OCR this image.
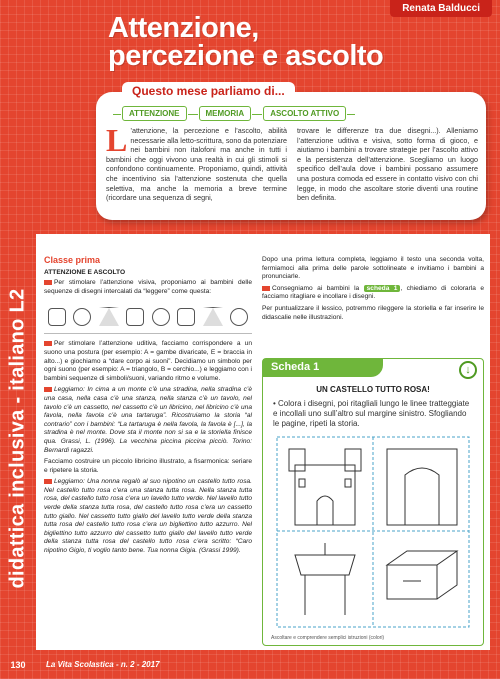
Renata Balducci
Attenzione,
percezione e ascolto
Questo mese parliamo di...
ATTENZIONE	MEMORIA	ASCOLTO ATTIVO
L ’attenzione, la percezione e l’ascolto, abilità necessarie alla letto-scrittura, sono da potenziare nei bambini non italofoni ma anche in tutti i bambini che oggi vivono una realtà in cui gli stimoli si confondono continuamente. Proponiamo, quindi, attività che incentivino sia l’attenzione sostenuta che quella selettiva, ma anche la memoria a breve termine (ricordare una sequenza di segni,
trovare le differenze tra due disegni...). Alleniamo l’attenzione uditiva e visiva, sotto forma di gioco, e aiutiamo i bambini a trovare strategie per l’ascolto attivo e la persistenza dell’attenzione. Scegliamo un luogo specifico dell’aula dove i bambini possano assumere una postura comoda ed essere in contatto visivo con chi legge, in modo che ascoltare storie diventi una routine ben definita.
didattica inclusiva - italiano L2
Classe prima
ATTENZIONE E ASCOLTO

Per stimolare l’attenzione visiva, proponiamo ai bambini delle sequenze di disegni intercalati da “leggere” come questa:

Per stimolare l’attenzione uditiva, facciamo corrispondere a un suono una postura (per esempio: A = gambe divaricate, E = braccia in alto...) e giochiamo a “dare corpo ai suoni”. Decidiamo un simbolo per ogni suono (per esempio: A = triangolo, B = cerchio...) e leggiamo con i bambini sequenze di simboli/suoni, variando ritmo e volume.

Leggiamo: In cima a un monte c’è una stradina, nella stradina c’è una casa, nella casa c’è una stanza, nella stanza c’è un tavolo, nel tavolo c’è un cassetto, nel cassetto c’è un libricino, nel libricino c’è una favola, nella favola c’è una tartaruga”. Ricostruiamo la storia “al contrario” con i bambini: “La tartaruga è nella favola, la favola è [...], la stradina è nel monte. Dove sta il monte non si sa e la storiella finisce qua. Grassi, L. (1996). La vecchina piccina piccina picciò. Torino: Bernardi ragazzi.

Facciamo costruire un piccolo libricino illustrato, a fisarmonica: seriare e ripetere la storia.

Leggiamo: Una nonna regalò al suo nipotino un castello tutto rosa. Nel castello tutto rosa c’era una stanza tutta rosa. Nella stanza tutta rosa, del castello tutto rosa c’era un lavello tutto verde. Nel lavello tutto verde della stanza tutta rosa, del castello tutto rosa c’era un cassetto tutto giallo. Nel cassetto tutto giallo del lavello tutto verde della stanza tutta rosa del castello tutto rosa c’era un bigliettino tutto azzurro. Nel bigliettino tutto azzurro del cassetto tutto giallo del lavello tutto verde della stanza tutta rosa del castello tutto rosa c’era scritto: “Caro nipotino Gigio, ti voglio tanto bene. Tua nonna Gigia. (Grassi 1999).

Dopo una prima lettura completa, leggiamo il testo una seconda volta, fermiamoci alla prima delle parole sottolineate e invitiamo i bambini a pronunciarle.

Consegniamo ai bambini la scheda 1 , chiediamo di colorarla e facciamo ritagliare e incollare i disegni.

Per puntualizzare il lessico, potremmo rileggere la storiella e far inserire le didascalie nelle illustrazioni.

Scheda 1	↓
UN CASTELLO TUTTO ROSA!
• Colora i disegni, poi ritagliali lungo le linee tratteggiate e incollali uno sull’altro sul margine sinistro. Sfogliando le pagine, ripeti la storia.
Ascoltare e comprendere semplici istruzioni (colori)
130	La Vita Scolastica - n. 2 - 2017
